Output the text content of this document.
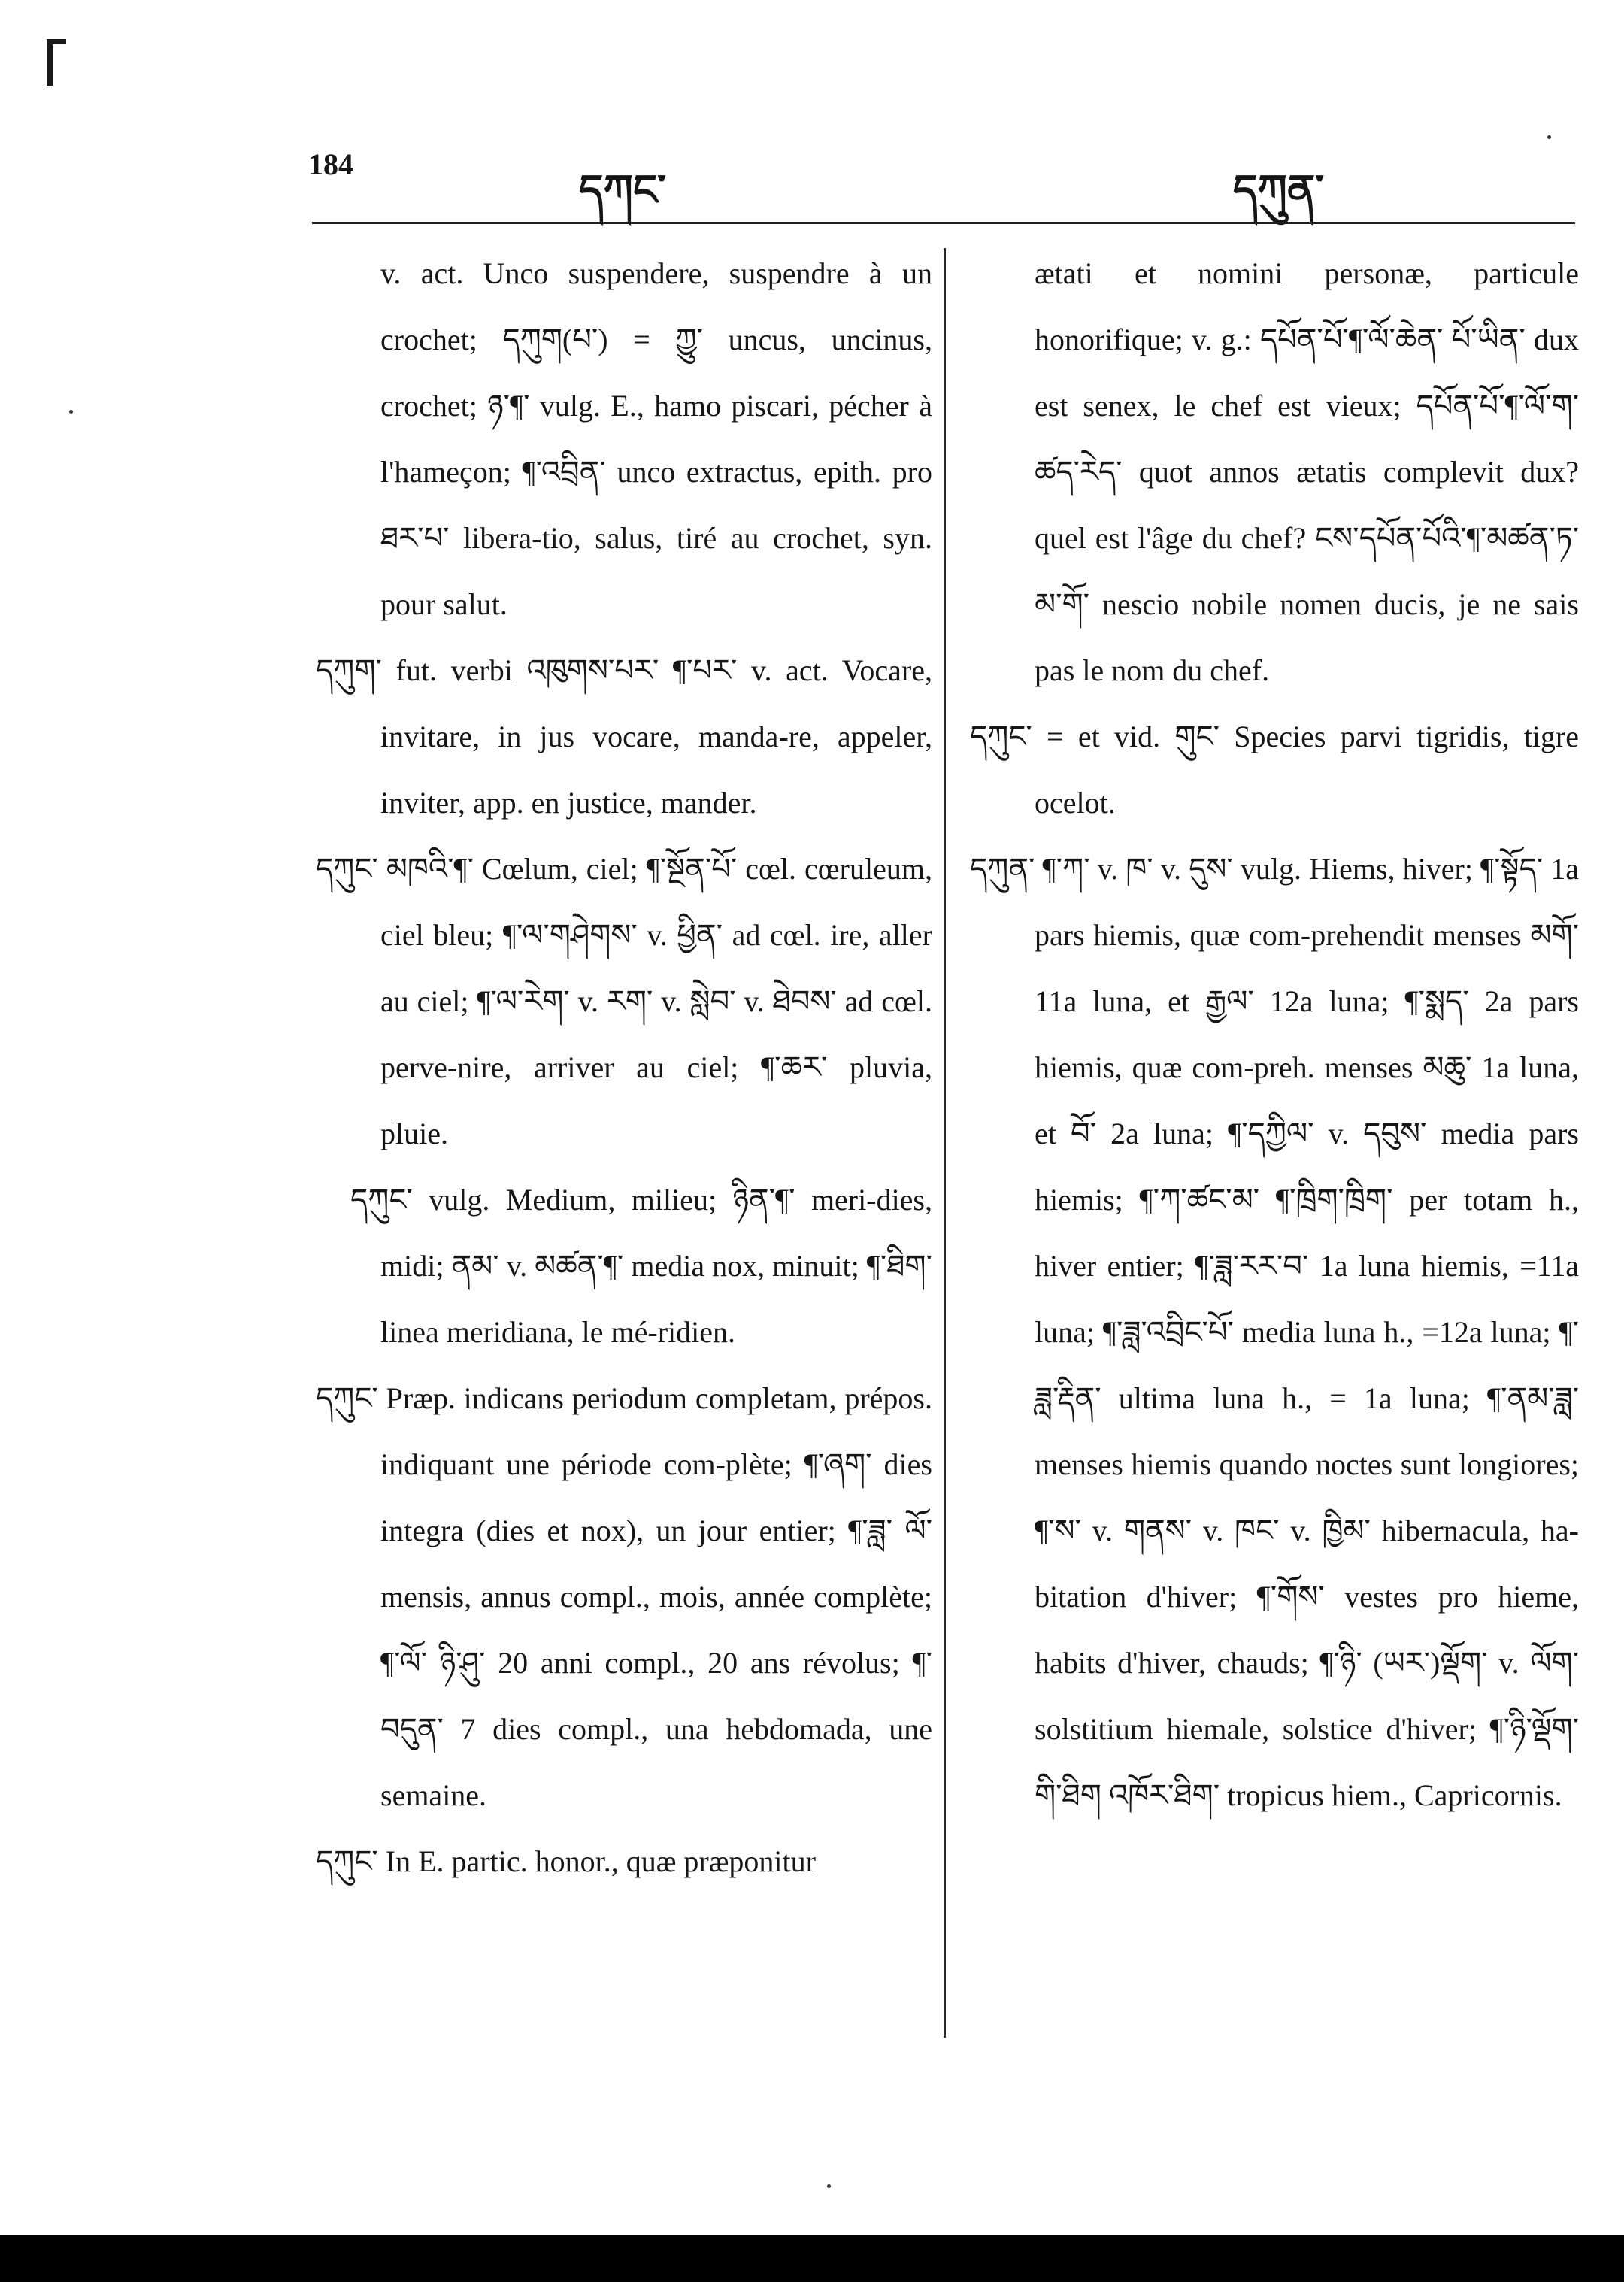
184
དཀང་	དཀུན་

v. act. Unco suspendere, suspendre à un crochet; དཀུག(པ་) = ཀྱུ་ uncus, uncinus, crochet; ཉ་¶་ vulg. E., hamo piscari, pécher à l'hameçon; ¶་འབྲིན་ unco extractus, epith. pro ཐར་པ་ libera-tio, salus, tiré au crochet, syn. pour salut.

དཀུག་ fut. verbi འཁུགས་པར་ ¶་པར་ v. act. Vocare, invitare, in jus vocare, manda-re, appeler, inviter, app. en justice, mander.

དཀུང་ མཁའི་¶་ Cœlum, ciel; ¶་སྔོན་པོ་ cœl. cœruleum, ciel bleu; ¶་ལ་གཤེགས་ v. ཕྱིན་ ad cœl. ire, aller au ciel; ¶་ལ་རེག་ v. རག་ v. སླེབ་ v. ཐེབས་ ad cœl. perve-nire, arriver au ciel; ¶་ཆར་ pluvia, pluie.

དཀུང་ vulg. Medium, milieu; ཉིན་¶་ meri-dies, midi; ནམ་ v. མཚན་¶་ media nox, minuit; ¶་ཐིག་ linea meridiana, le mé-ridien.

དཀུང་ Præp. indicans periodum completam, prépos. indiquant une période com-plète; ¶་ཞག་ dies integra (dies et nox), un jour entier; ¶་ཟླ་ ལོ་ mensis, annus compl., mois, année complète; ¶་ལོ་ ཉི་ཤུ་ 20 anni compl., 20 ans révolus; ¶་བདུན་ 7 dies compl., una hebdomada, une semaine.

དཀུང་ In E. partic. honor., quæ præponitur

ætati et nomini personæ, particule honorifique; v. g.: དཔོན་པོ་¶་ལོ་ཆེན་ པོ་ཡིན་ dux est senex, le chef est vieux; དཔོན་པོ་¶་ལོ་ག་ཚད་རེད་ quot annos ætatis complevit dux? quel est l'âge du chef? ངས་དཔོན་པོའི་¶་མཚན་ཏ་མ་གོ་ nescio nobile nomen ducis, je ne sais pas le nom du chef.

དཀུང་ = et vid. གུང་ Species parvi tigridis, tigre ocelot.

དཀུན་ ¶་ཀ་ v. ཁ་ v. དུས་ vulg. Hiems, hiver; ¶་སྟོད་ 1a pars hiemis, quæ com-prehendit menses མགོ་ 11a luna, et རྒྱལ་ 12a luna; ¶་སྨད་ 2a pars hiemis, quæ com-preh. menses མཆུ་ 1a luna, et བོ་ 2a luna; ¶་དཀྱིལ་ v. དབུས་ media pars hiemis; ¶་ཀ་ཚང་མ་ ¶་ཁྲིག་ཁྲིག་ per totam h., hiver entier; ¶་ཟླ་རར་བ་ 1a luna hiemis, =11a luna; ¶་ཟླ་འབྲིང་པོ་ media luna h., =12a luna; ¶་ཟླ་རྡིན་ ultima luna h., = 1a luna; ¶་ནམ་ཟླ་ menses hiemis quando noctes sunt longiores; ¶་ས་ v. གནས་ v. ཁང་ v. ཁྱིམ་ hibernacula, ha-bitation d'hiver; ¶་གོས་ vestes pro hieme, habits d'hiver, chauds; ¶་ཉི་ (ཡར་)ལྡོག་ v. ལོག་ solstitium hiemale, solstice d'hiver; ¶་ཉི་ལྡོག་གི་ཐིག འཁོར་ཐིག་ tropicus hiem., Capricornis.
